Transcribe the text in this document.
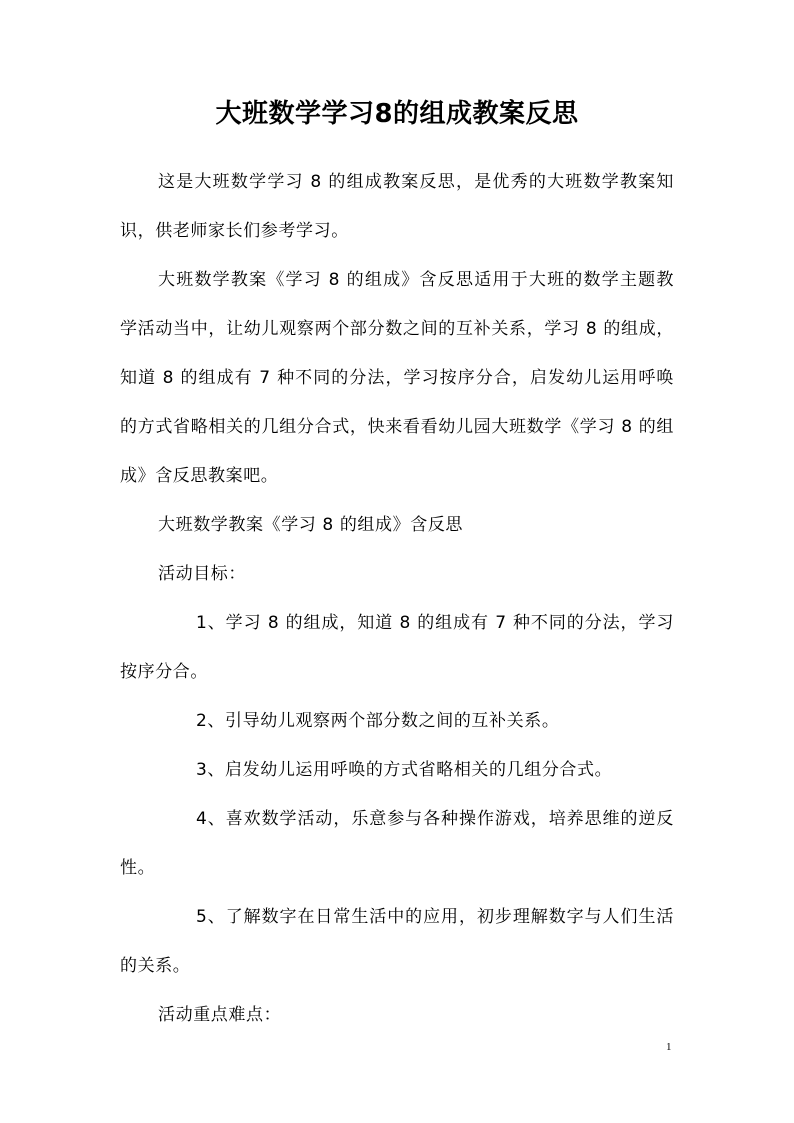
大班数学学习8的组成教案反思

这是大班数学学习 8 的组成教案反思，是优秀的大班数学教案知识，供老师家长们参考学习。

大班数学教案《学习 8 的组成》含反思适用于大班的数学主题教学活动当中，让幼儿观察两个部分数之间的互补关系，学习 8 的组成，知道 8 的组成有 7 种不同的分法，学习按序分合，启发幼儿运用呼唤的方式省略相关的几组分合式，快来看看幼儿园大班数学《学习 8 的组成》含反思教案吧。

大班数学教案《学习 8 的组成》含反思

活动目标：

1、学习 8 的组成，知道 8 的组成有 7 种不同的分法，学习按序分合。

2、引导幼儿观察两个部分数之间的互补关系。

3、启发幼儿运用呼唤的方式省略相关的几组分合式。

4、喜欢数学活动，乐意参与各种操作游戏，培养思维的逆反性。

5、了解数字在日常生活中的应用，初步理解数字与人们生活的关系。

活动重点难点：

1
